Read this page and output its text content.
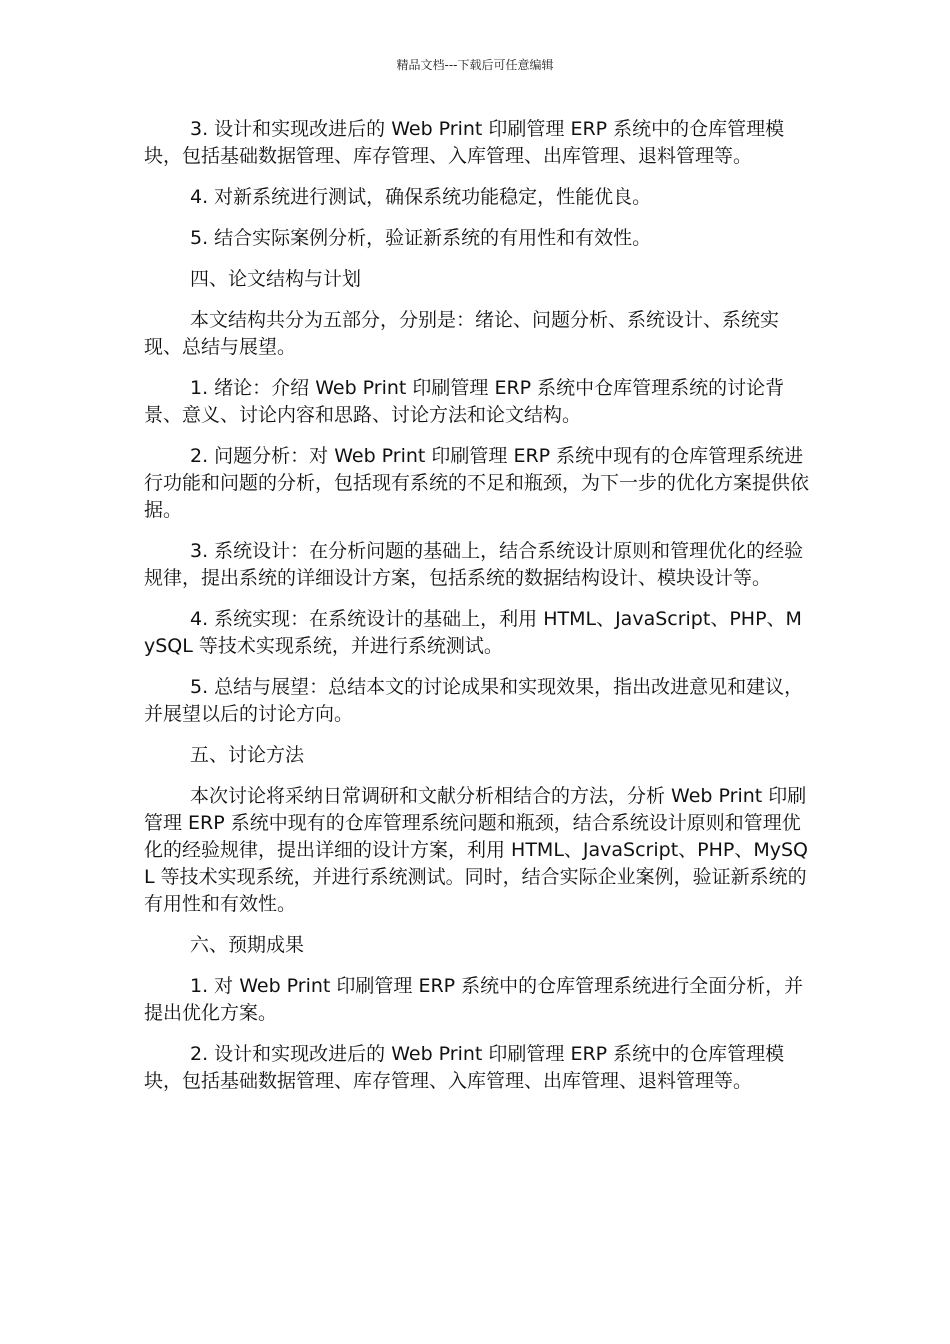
精品文档---下载后可任意编辑

3. 设计和实现改进后的 Web Print 印刷管理 ERP 系统中的仓库管理模块，包括基础数据管理、库存管理、入库管理、出库管理、退料管理等。

4. 对新系统进行测试，确保系统功能稳定，性能优良。

5. 结合实际案例分析，验证新系统的有用性和有效性。

四、论文结构与计划

本文结构共分为五部分，分别是：绪论、问题分析、系统设计、系统实现、总结与展望。

1. 绪论：介绍 Web Print 印刷管理 ERP 系统中仓库管理系统的讨论背景、意义、讨论内容和思路、讨论方法和论文结构。

2. 问题分析：对 Web Print 印刷管理 ERP 系统中现有的仓库管理系统进行功能和问题的分析，包括现有系统的不足和瓶颈，为下一步的优化方案提供依据。

3. 系统设计：在分析问题的基础上，结合系统设计原则和管理优化的经验规律，提出系统的详细设计方案，包括系统的数据结构设计、模块设计等。

4. 系统实现：在系统设计的基础上，利用 HTML、JavaScript、PHP、MySQL 等技术实现系统，并进行系统测试。

5. 总结与展望：总结本文的讨论成果和实现效果，指出改进意见和建议，并展望以后的讨论方向。

五、讨论方法

本次讨论将采纳日常调研和文献分析相结合的方法，分析 Web Print 印刷管理 ERP 系统中现有的仓库管理系统问题和瓶颈，结合系统设计原则和管理优化的经验规律，提出详细的设计方案，利用 HTML、JavaScript、PHP、MySQL 等技术实现系统，并进行系统测试。同时，结合实际企业案例，验证新系统的有用性和有效性。

六、预期成果

1. 对 Web Print 印刷管理 ERP 系统中的仓库管理系统进行全面分析，并提出优化方案。

2. 设计和实现改进后的 Web Print 印刷管理 ERP 系统中的仓库管理模块，包括基础数据管理、库存管理、入库管理、出库管理、退料管理等。
